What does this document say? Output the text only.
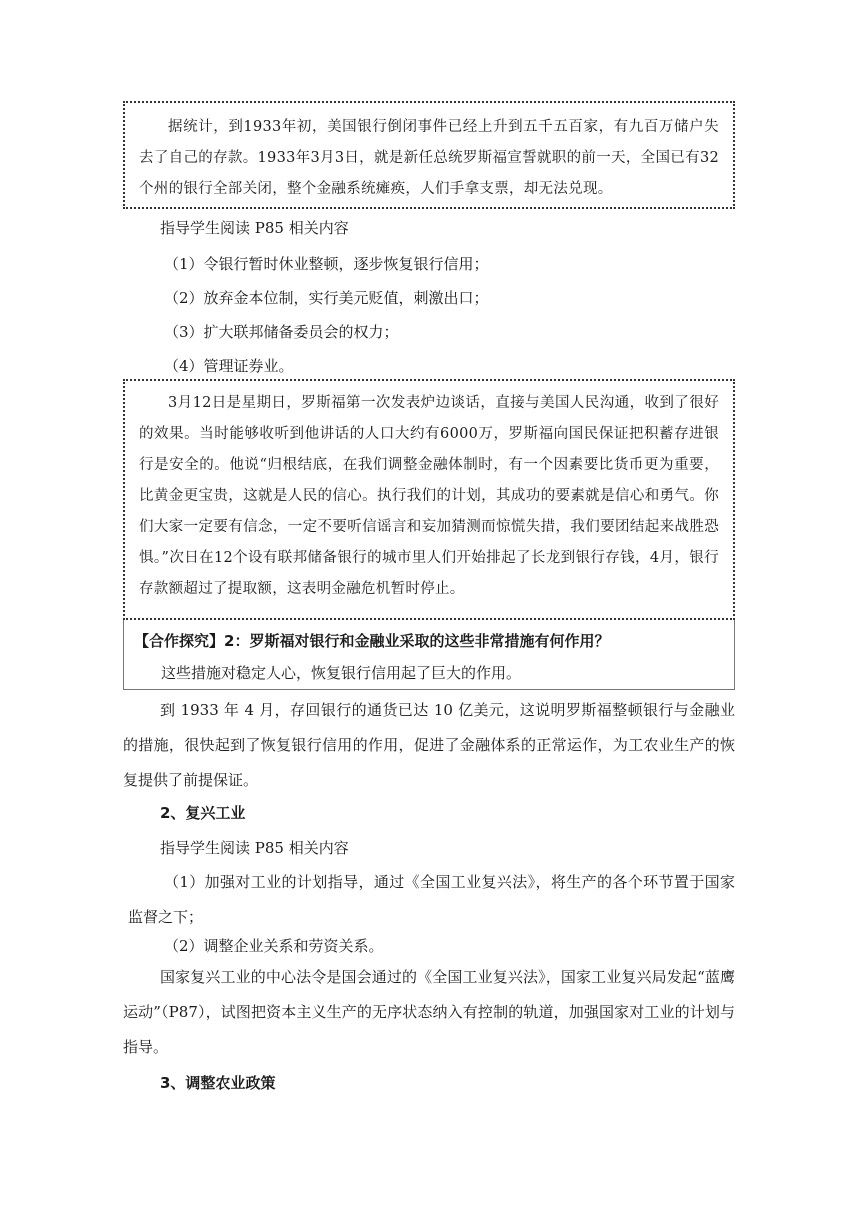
据统计，到1933年初，美国银行倒闭事件已经上升到五千五百家，有九百万储户失去了自己的存款。1933年3月3日，就是新任总统罗斯福宣誓就职的前一天，全国已有32个州的银行全部关闭，整个金融系统瘫痪，人们手拿支票，却无法兑现。

指导学生阅读 P85 相关内容
（1）令银行暂时休业整顿，逐步恢复银行信用；
（2）放弃金本位制，实行美元贬值，刺激出口；
（3）扩大联邦储备委员会的权力；
（4）管理证券业。

3月12日是星期日，罗斯福第一次发表炉边谈话，直接与美国人民沟通，收到了很好的效果。当时能够收听到他讲话的人口大约有6000万，罗斯福向国民保证把积蓄存进银行是安全的。他说“归根结底，在我们调整金融体制时，有一个因素要比货币更为重要，比黄金更宝贵，这就是人民的信心。执行我们的计划，其成功的要素就是信心和勇气。你们大家一定要有信念，一定不要听信谣言和妄加猜测而惊慌失措，我们要团结起来战胜恐惧。”次日在12个设有联邦储备银行的城市里人们开始排起了长龙到银行存钱，4月，银行存款额超过了提取额，这表明金融危机暂时停止。

【合作探究】2：罗斯福对银行和金融业采取的这些非常措施有何作用？
这些措施对稳定人心，恢复银行信用起了巨大的作用。

到 1933 年 4 月，存回银行的通货已达 10 亿美元，这说明罗斯福整顿银行与金融业的措施，很快起到了恢复银行信用的作用，促进了金融体系的正常运作，为工农业生产的恢复提供了前提保证。

2、复兴工业
指导学生阅读 P85 相关内容

（1）加强对工业的计划指导，通过《全国工业复兴法》，将生产的各个环节置于国家监督之下；

（2）调整企业关系和劳资关系。

国家复兴工业的中心法令是国会通过的《全国工业复兴法》，国家工业复兴局发起“蓝鹰运动”（P87），试图把资本主义生产的无序状态纳入有控制的轨道，加强国家对工业的计划与指导。

3、调整农业政策
